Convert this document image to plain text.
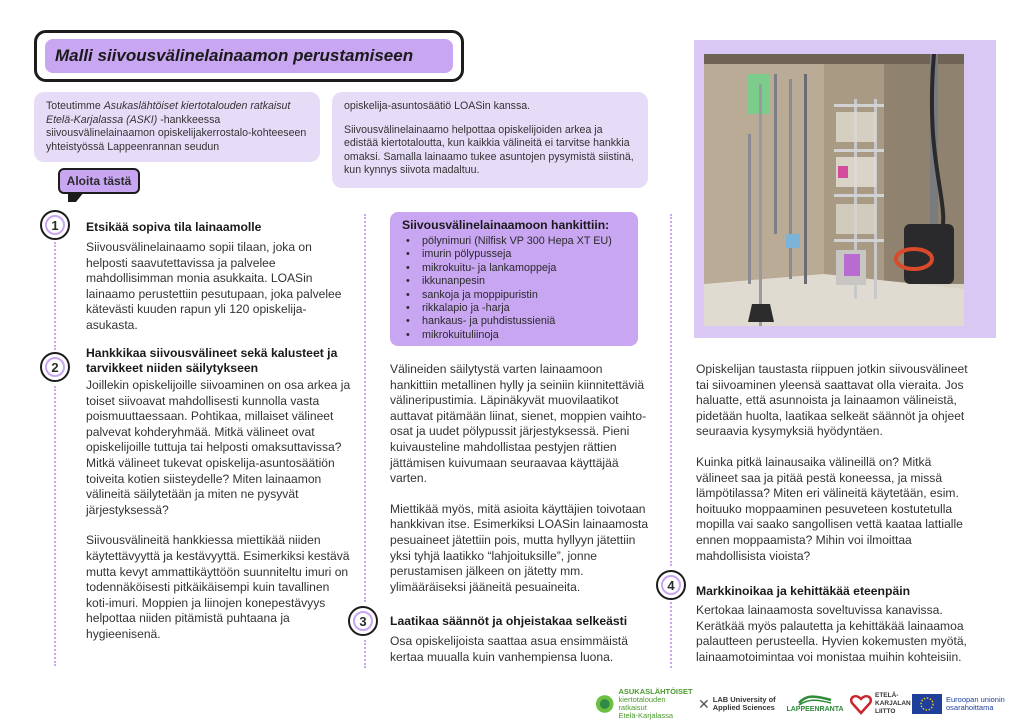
Malli siivousvälinelainaamon perustamiseen

Toteutimme Asukaslähtöiset kiertotalouden ratkaisut Etelä-Karjalassa (ASKI) -hankkeessa siivousvälinelainaamon opiskelijakerrostalo-kohteeseen yhteistyössä Lappeenrannan seudun

opiskelija-asuntosäätiö LOASin kanssa.

Siivousvälinelainaamo helpottaa opiskelijoiden arkea ja edistää kiertotaloutta, kun kaikkia välineitä ei tarvitse hankkia omaksi. Samalla lainaamo tukee asuntojen pysymistä siistinä, kun kynnys siivota madaltuu.

Aloita tästä
1 Etsikää sopiva tila lainaamolle

Siivousvälinelainaamo sopii tilaan, joka on helposti saavutettavissa ja palvelee mahdollisimman monia asukkaita. LOASin lainaamo perustettiin pesutupaan, joka palvelee kätevästi kuuden rapun yli 120 opiskelija-asukasta.

2
Hankkikaa siivousvälineet sekä kalusteet ja tarvikkeet niiden säilytykseen

Joillekin opiskelijoille siivoaminen on osa arkea ja toiset siivoavat mahdollisesti kunnolla vasta poismuuttaessaan. Pohtikaa, millaiset välineet palvevat kohderyhmää. Mitkä välineet ovat opiskelijoille tuttuja tai helposti omaksuttavissa? Mitkä välineet tukevat opiskelija-asuntosäätiön toiveita kotien siisteydelle? Miten lainaamon välineitä säilytetään ja miten ne pysyvät järjestyksessä?

Siivousvälineitä hankkiessa miettikää niiden käytettävyyttä ja kestävyyttä. Esimerkiksi kestävä mutta kevyt ammattikäyttöön suunniteltu imuri on todennäköisesti pitkäikäisempi kuin tavallinen koti-imuri. Moppien ja liinojen konepestävyys helpottaa niiden pitämistä puhtaana ja hygieenisenä.

Siivousvälinelainaamoon hankittiin:
• pölynimuri (Nilfisk VP 300 Hepa XT EU)
• imurin pölypusseja
• mikrokuitu- ja lankamoppeja
• ikkunanpesin
• sankoja ja moppipuristin
• rikkalapio ja -harja
• hankaus- ja puhdistussieniä
• mikrokuituliinoja

Välineiden säilytystä varten lainaamoon hankittiin metallinen hylly ja seiniin kiinnitettäviä välineripustimia. Läpinäkyvät muovilaatikot auttavat pitämään liinat, sienet, moppien vaihto-osat ja uudet pölypussit järjestyksessä. Pieni kuivausteline mahdollistaa pestyjen rättien jättämisen kuivumaan seuraavaa käyttäjää varten.

Miettikää myös, mitä asioita käyttäjien toivotaan hankkivan itse. Esimerkiksi LOASin lainaamosta pesuaineet jätettiin pois, mutta hyllyyn jätettiin yksi tyhjä laatikko “lahjoituksille”, jonne perustamisen jälkeen on jätetty mm. ylimääräiseksi jääneitä pesuaineita.

3 Laatikaa säännöt ja ohjeistakaa selkeästi

Osa opiskelijoista saattaa asua ensimmäistä kertaa muualla kuin vanhempiensa luona.

Opiskelijan taustasta riippuen jotkin siivousvälineet tai siivoaminen yleensä saattavat olla vieraita. Jos haluatte, että asunnoista ja lainaamon välineistä, pidetään huolta, laatikaa selkeät säännöt ja ohjeet seuraavia kysymyksiä hyödyntäen.

Kuinka pitkä lainausaika välineillä on? Mitkä välineet saa ja pitää pestä koneessa, ja missä lämpötilassa? Miten eri välineitä käytetään, esim. hoituuko moppaaminen pesuveteen kostutetulla mopilla vai saako sangollisen vettä kaataa lattialle ennen moppaamista? Mihin voi ilmoittaa mahdollisista vioista?

4 Markkinoikaa ja kehittäkää eteenpäin

Kertokaa lainaamosta soveltuvissa kanavissa. Kerätkää myös palautetta ja kehittäkää lainaamoa palautteen perusteella. Hyvien kokemusten myötä, lainaamotoimintaa voi monistaa muihin kohteisiin.

ASUKASLÄHTÖISET
kiertotalouden ratkaisut
Etelä-Karjalassa
✕ LAB University of Applied Sciences LAPPEENRANTA
ETELÄ-KARJALAN LIITTO
Euroopan unionin osarahoittama
